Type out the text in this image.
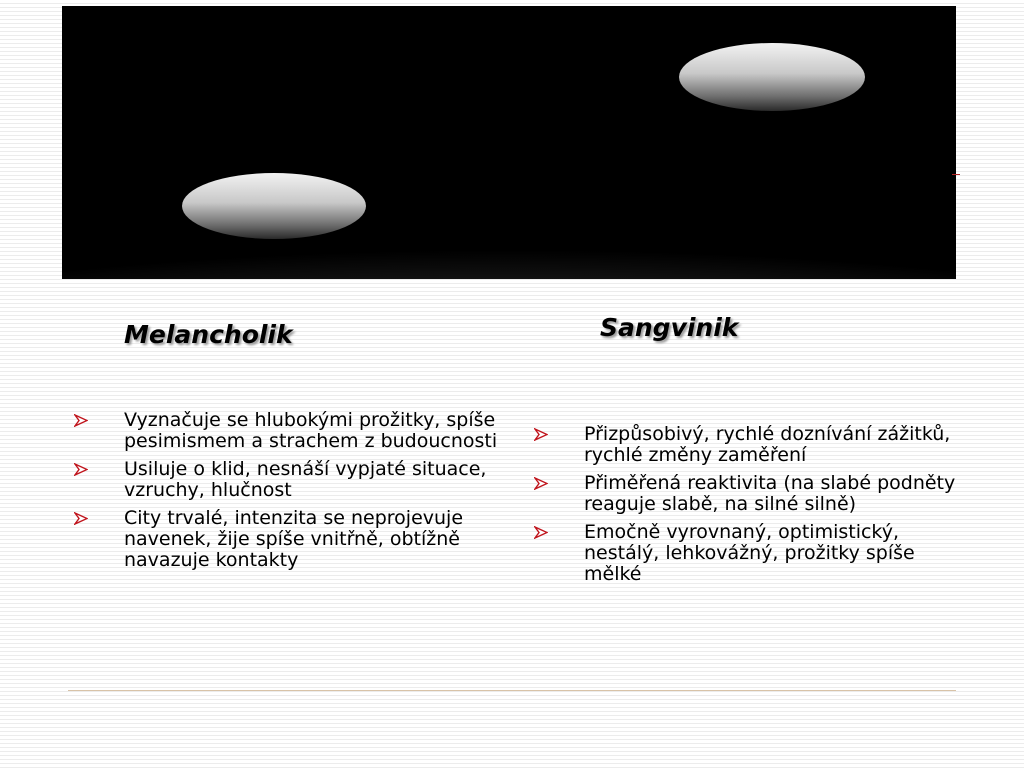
Melancholik	Sangvinik
Vyznačuje se hlubokými prožitky, spíše pesimismem a strachem z budoucnosti
Usiluje o klid, nesnáší vypjaté situace, vzruchy, hlučnost
City trvalé, intenzita se neprojevuje navenek, žije spíše vnitřně, obtížně navazuje kontakty
Přizpůsobivý, rychlé doznívání zážitků, rychlé změny zaměření
Přiměřená reaktivita (na slabé podněty reaguje slabě, na silné silně)
Emočně vyrovnaný, optimistický, nestálý, lehkovážný, prožitky spíše mělké
